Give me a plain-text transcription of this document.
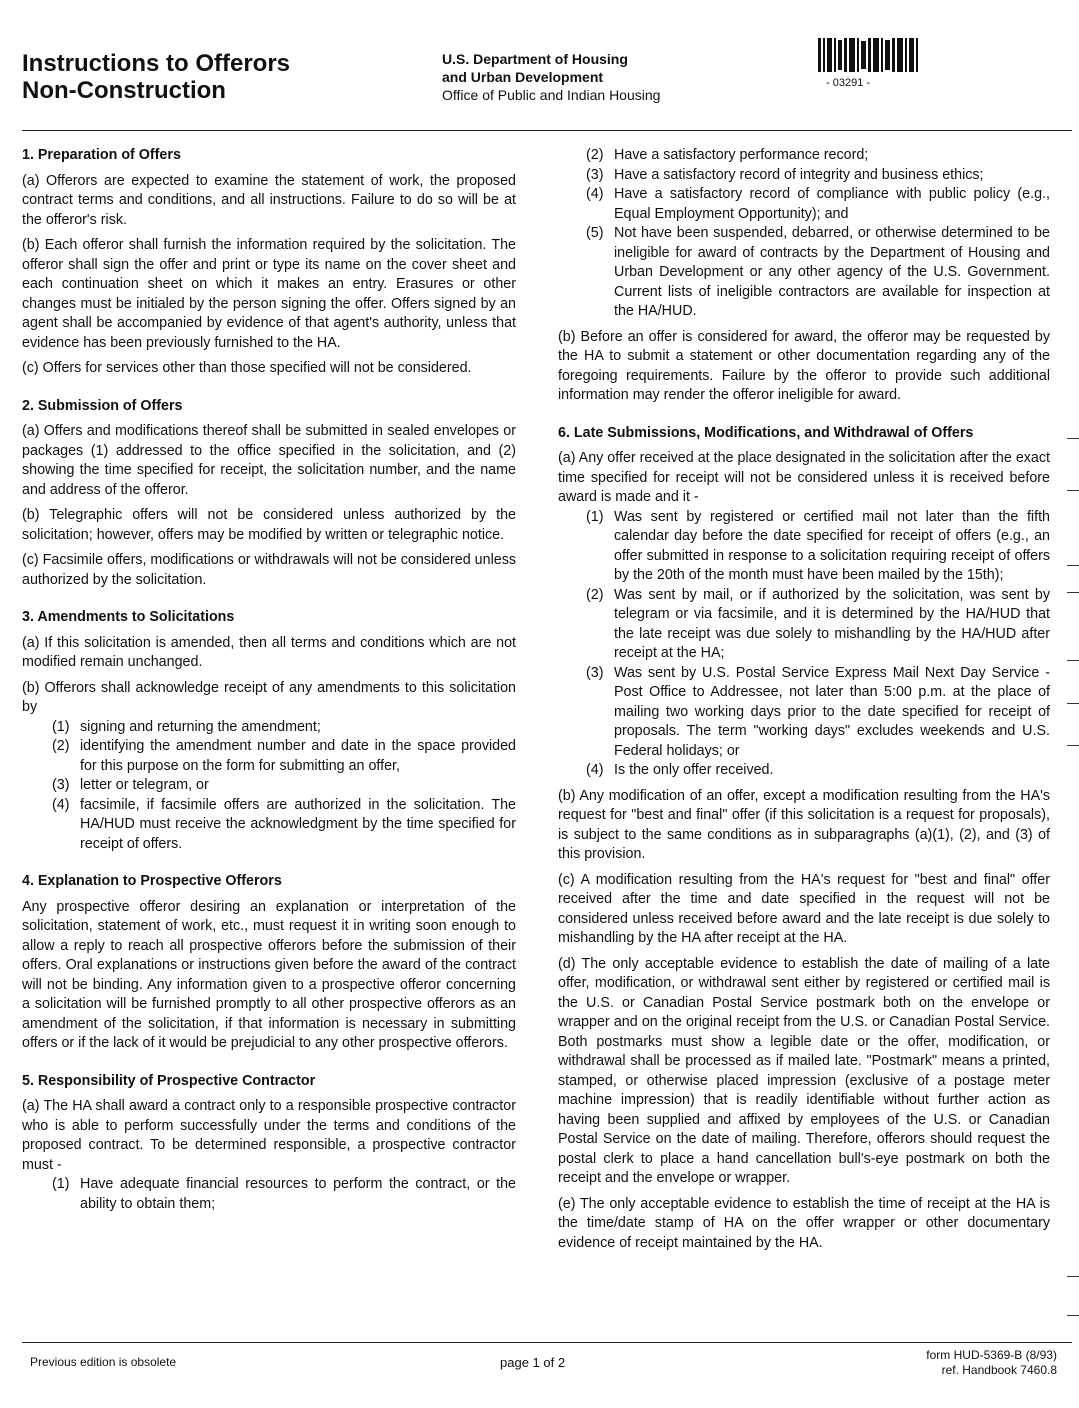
Instructions to Offerors
Non-Construction
U.S. Department of Housing
and Urban Development
Office of Public and Indian Housing
- 03291 -
1. Preparation of Offers

(a) Offerors are expected to examine the statement of work, the proposed contract terms and conditions, and all instructions. Failure to do so will be at the offeror's risk.

(b) Each offeror shall furnish the information required by the solicitation. The offeror shall sign the offer and print or type its name on the cover sheet and each continuation sheet on which it makes an entry. Erasures or other changes must be initialed by the person signing the offer. Offers signed by an agent shall be accompanied by evidence of that agent's authority, unless that evidence has been previously furnished to the HA.

(c) Offers for services other than those specified will not be considered.

2. Submission of Offers

(a) Offers and modifications thereof shall be submitted in sealed envelopes or packages (1) addressed to the office specified in the solicitation, and (2) showing the time specified for receipt, the solicitation number, and the name and address of the offeror.

(b) Telegraphic offers will not be considered unless authorized by the solicitation; however, offers may be modified by written or telegraphic notice.

(c) Facsimile offers, modifications or withdrawals will not be considered unless authorized by the solicitation.

3. Amendments to Solicitations

(a) If this solicitation is amended, then all terms and conditions which are not modified remain unchanged.

(b) Offerors shall acknowledge receipt of any amendments to this solicitation by

(1) signing and returning the amendment;
(2) identifying the amendment number and date in the space provided for this purpose on the form for submitting an offer,
(3) letter or telegram, or
(4) facsimile, if facsimile offers are authorized in the solicitation. The HA/HUD must receive the acknowledgment by the time specified for receipt of offers.
4. Explanation to Prospective Offerors

Any prospective offeror desiring an explanation or interpretation of the solicitation, statement of work, etc., must request it in writing soon enough to allow a reply to reach all prospective offerors before the submission of their offers. Oral explanations or instructions given before the award of the contract will not be binding. Any information given to a prospective offeror concerning a solicitation will be furnished promptly to all other prospective offerors as an amendment of the solicitation, if that information is necessary in submitting offers or if the lack of it would be prejudicial to any other prospective offerors.

5. Responsibility of Prospective Contractor

(a) The HA shall award a contract only to a responsible prospective contractor who is able to perform successfully under the terms and conditions of the proposed contract. To be determined responsible, a prospective contractor must -

(1) Have adequate financial resources to perform the contract, or the ability to obtain them;
(2) Have a satisfactory performance record;
(3) Have a satisfactory record of integrity and business ethics;
(4) Have a satisfactory record of compliance with public policy (e.g., Equal Employment Opportunity); and
(5) Not have been suspended, debarred, or otherwise determined to be ineligible for award of contracts by the Department of Housing and Urban Development or any other agency of the U.S. Government. Current lists of ineligible contractors are available for inspection at the HA/HUD.

(b) Before an offer is considered for award, the offeror may be requested by the HA to submit a statement or other documentation regarding any of the foregoing requirements. Failure by the offeror to provide such additional information may render the offeror ineligible for award.

6. Late Submissions, Modifications, and Withdrawal of Offers

(a) Any offer received at the place designated in the solicitation after the exact time specified for receipt will not be considered unless it is received before award is made and it -

(1) Was sent by registered or certified mail not later than the fifth calendar day before the date specified for receipt of offers (e.g., an offer submitted in response to a solicitation requiring receipt of offers by the 20th of the month must have been mailed by the 15th);
(2) Was sent by mail, or if authorized by the solicitation, was sent by telegram or via facsimile, and it is determined by the HA/HUD that the late receipt was due solely to mishandling by the HA/HUD after receipt at the HA;
(3) Was sent by U.S. Postal Service Express Mail Next Day Service - Post Office to Addressee, not later than 5:00 p.m. at the place of mailing two working days prior to the date specified for receipt of proposals. The term "working days" excludes weekends and U.S. Federal holidays; or
(4) Is the only offer received.

(b) Any modification of an offer, except a modification resulting from the HA's request for "best and final" offer (if this solicitation is a request for proposals), is subject to the same conditions as in subparagraphs (a)(1), (2), and (3) of this provision.

(c) A modification resulting from the HA's request for "best and final" offer received after the time and date specified in the request will not be considered unless received before award and the late receipt is due solely to mishandling by the HA after receipt at the HA.

(d) The only acceptable evidence to establish the date of mailing of a late offer, modification, or withdrawal sent either by registered or certified mail is the U.S. or Canadian Postal Service postmark both on the envelope or wrapper and on the original receipt from the U.S. or Canadian Postal Service. Both postmarks must show a legible date or the offer, modification, or withdrawal shall be processed as if mailed late. "Postmark" means a printed, stamped, or otherwise placed impression (exclusive of a postage meter machine impression) that is readily identifiable without further action as having been supplied and affixed by employees of the U.S. or Canadian Postal Service on the date of mailing. Therefore, offerors should request the postal clerk to place a hand cancellation bull's-eye postmark on both the receipt and the envelope or wrapper.

(e) The only acceptable evidence to establish the time of receipt at the HA is the time/date stamp of HA on the offer wrapper or other documentary evidence of receipt maintained by the HA.

Previous edition is obsolete	page 1 of 2	form HUD-5369-B (8/93)
ref. Handbook 7460.8
